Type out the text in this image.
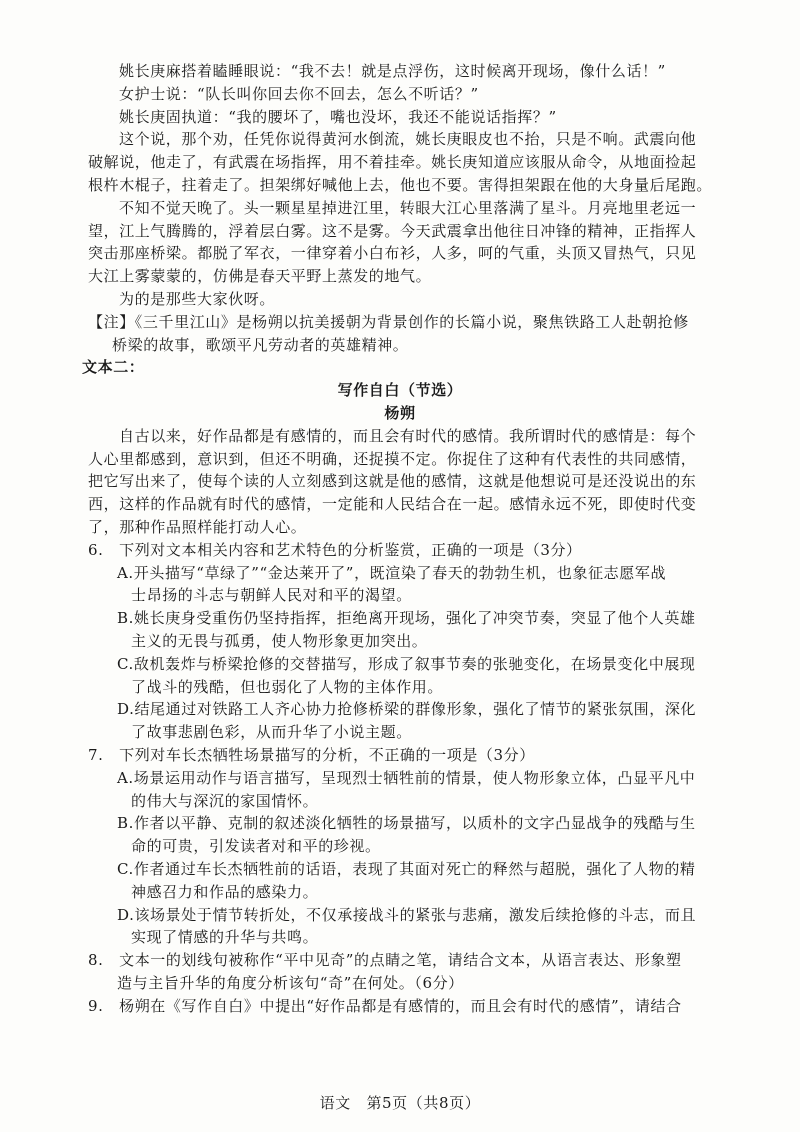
姚长庚麻搭着瞌睡眼说：“我不去！就是点浮伤，这时候离开现场，像什么话！”
女护士说：“队长叫你回去你不回去，怎么不听话？”
姚长庚固执道：“我的腰坏了，嘴也没坏，我还不能说话指挥？”
这个说，那个劝，任凭你说得黄河水倒流，姚长庚眼皮也不抬，只是不响。武震向他
破解说，他走了，有武震在场指挥，用不着挂牵。姚长庚知道应该服从命令，从地面捡起
根杵木棍子，拄着走了。担架绑好喊他上去，他也不要。害得担架跟在他的大身量后尾跑。
不知不觉天晚了。头一颗星星掉进江里，转眼大江心里落满了星斗。月亮地里老远一
望，江上气腾腾的，浮着层白雾。这不是雾。今天武震拿出他往日冲锋的精神，正指挥人
突击那座桥梁。都脱了军衣，一律穿着小白布衫，人多，呵的气重，头顶又冒热气，只见
大江上雾蒙蒙的，仿佛是春天平野上蒸发的地气。
为的是那些大家伙呀。
【注】《三千里江山》是杨朔以抗美援朝为背景创作的长篇小说，聚焦铁路工人赴朝抢修
桥梁的故事，歌颂平凡劳动者的英雄精神。
文本二：
写作自白（节选）
杨朔
自古以来，好作品都是有感情的，而且会有时代的感情。我所谓时代的感情是：每个
人心里都感到，意识到，但还不明确，还捉摸不定。你捉住了这种有代表性的共同感情，
把它写出来了，使每个读的人立刻感到这就是他的感情，这就是他想说可是还没说出的东
西，这样的作品就有时代的感情，一定能和人民结合在一起。感情永远不死，即使时代变
了，那种作品照样能打动人心。
6.　下列对文本相关内容和艺术特色的分析鉴赏，正确的一项是（3分）
A.开头描写“草绿了”“金达莱开了”，既渲染了春天的勃勃生机，也象征志愿军战
士昂扬的斗志与朝鲜人民对和平的渴望。
B.姚长庚身受重伤仍坚持指挥，拒绝离开现场，强化了冲突节奏，突显了他个人英雄
主义的无畏与孤勇，使人物形象更加突出。
C.敌机轰炸与桥梁抢修的交替描写，形成了叙事节奏的张驰变化，在场景变化中展现
了战斗的残酷，但也弱化了人物的主体作用。
D.结尾通过对铁路工人齐心协力抢修桥梁的群像形象，强化了情节的紧张氛围，深化
了故事悲剧色彩，从而升华了小说主题。
7.　下列对车长杰牺牲场景描写的分析，不正确的一项是（3分）
A.场景运用动作与语言描写，呈现烈士牺牲前的情景，使人物形象立体，凸显平凡中
的伟大与深沉的家国情怀。
B.作者以平静、克制的叙述淡化牺牲的场景描写，以质朴的文字凸显战争的残酷与生
命的可贵，引发读者对和平的珍视。
C.作者通过车长杰牺牲前的话语，表现了其面对死亡的释然与超脱，强化了人物的精
神感召力和作品的感染力。
D.该场景处于情节转折处，不仅承接战斗的紧张与悲痛，激发后续抢修的斗志，而且
实现了情感的升华与共鸣。
8.　文本一的划线句被称作“平中见奇”的点睛之笔，请结合文本，从语言表达、形象塑
造与主旨升华的角度分析该句“奇”在何处。（6分）
9.　杨朔在《写作自白》中提出“好作品都是有感情的，而且会有时代的感情”，请结合
语文　第5页（共8页）
